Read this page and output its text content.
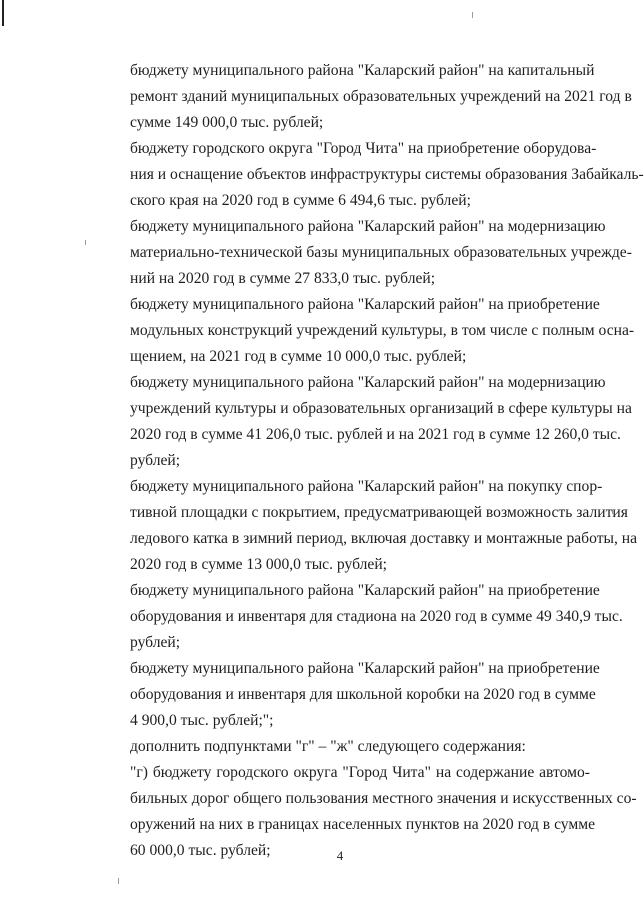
бюджету муниципального района "Каларский район" на капитальный
ремонт зданий муниципальных образовательных учреждений на 2021 год в
сумме 149 000,0 тыс. рублей;
бюджету городского округа "Город Чита" на приобретение оборудова-
ния и оснащение объектов инфраструктуры системы образования Забайкаль-
ского края на 2020 год в сумме 6 494,6 тыс. рублей;
бюджету муниципального района "Каларский район" на модернизацию
материально-технической базы муниципальных образовательных учрежде-
ний на 2020 год в сумме 27 833,0 тыс. рублей;
бюджету муниципального района "Каларский район" на приобретение
модульных конструкций учреждений культуры, в том числе с полным осна-
щением, на 2021 год в сумме 10 000,0 тыс. рублей;
бюджету муниципального района "Каларский район" на модернизацию
учреждений культуры и образовательных организаций в сфере культуры на
2020 год в сумме 41 206,0 тыс. рублей и на 2021 год в сумме 12 260,0 тыс.
рублей;
бюджету муниципального района "Каларский район" на покупку спор-
тивной площадки с покрытием, предусматривающей возможность залития
ледового катка в зимний период, включая доставку и монтажные работы, на
2020 год в сумме 13 000,0 тыс. рублей;
бюджету муниципального района "Каларский район" на приобретение
оборудования и инвентаря для стадиона на 2020 год в сумме 49 340,9 тыс.
рублей;
бюджету муниципального района "Каларский район" на приобретение
оборудования и инвентаря для школьной коробки на 2020 год в сумме
4 900,0 тыс. рублей;";
дополнить подпунктами "г" – "ж" следующего содержания:
"г) бюджету городского округа "Город Чита" на содержание автомо-
бильных дорог общего пользования местного значения и искусственных со-
оружений на них в границах населенных пунктов на 2020 год в сумме
60 000,0 тыс. рублей;	4
